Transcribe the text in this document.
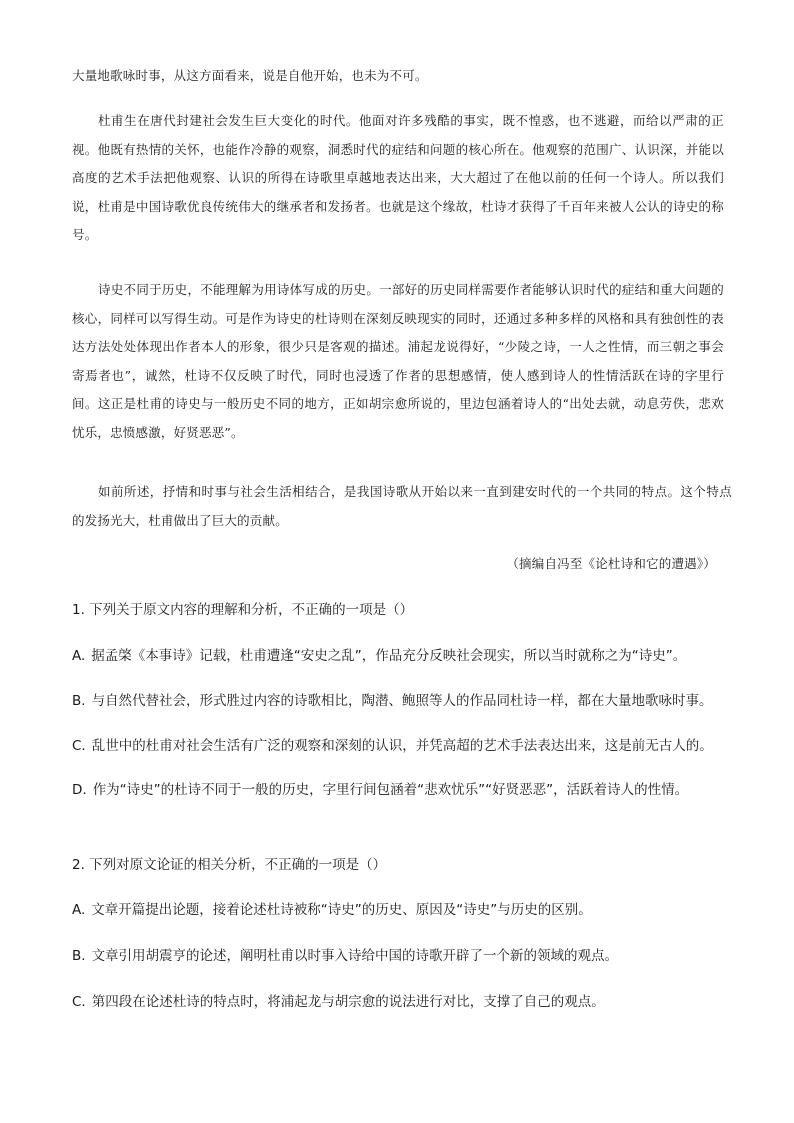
大量地歌咏时事，从这方面看来，说是自他开始，也未为不可。

杜甫生在唐代封建社会发生巨大变化的时代。他面对许多残酷的事实，既不惶惑，也不逃避，而给以严肃的正视。他既有热情的关怀，也能作冷静的观察，洞悉时代的症结和问题的核心所在。他观察的范围广、认识深，并能以高度的艺术手法把他观察、认识的所得在诗歌里卓越地表达出来，大大超过了在他以前的任何一个诗人。所以我们说，杜甫是中国诗歌优良传统伟大的继承者和发扬者。也就是这个缘故，杜诗才获得了千百年来被人公认的诗史的称号。

诗史不同于历史，不能理解为用诗体写成的历史。一部好的历史同样需要作者能够认识时代的症结和重大问题的核心，同样可以写得生动。可是作为诗史的杜诗则在深刻反映现实的同时，还通过多种多样的风格和具有独创性的表达方法处处体现出作者本人的形象，很少只是客观的描述。浦起龙说得好，“少陵之诗，一人之性情，而三朝之事会寄焉者也”，诚然，杜诗不仅反映了时代，同时也浸透了作者的思想感情，使人感到诗人的性情活跃在诗的字里行间。这正是杜甫的诗史与一般历史不同的地方，正如胡宗愈所说的，里边包涵着诗人的“出处去就，动息劳佚，悲欢忧乐，忠愤感激，好贤恶恶”。

如前所述，抒情和时事与社会生活相结合，是我国诗歌从开始以来一直到建安时代的一个共同的特点。这个特点的发扬光大，杜甫做出了巨大的贡献。

（摘编自冯至《论杜诗和它的遭遇》）

1. 下列关于原文内容的理解和分析，不正确的一项是（）

A. 据孟棨《本事诗》记载，杜甫遭逢“安史之乱”，作品充分反映社会现实，所以当时就称之为“诗史”。

B. 与自然代替社会，形式胜过内容的诗歌相比，陶潜、鲍照等人的作品同杜诗一样，都在大量地歌咏时事。

C. 乱世中的杜甫对社会生活有广泛的观察和深刻的认识，并凭高超的艺术手法表达出来，这是前无古人的。

D. 作为“诗史”的杜诗不同于一般的历史，字里行间包涵着“悲欢忧乐”“好贤恶恶”，活跃着诗人的性情。

2. 下列对原文论证的相关分析，不正确的一项是（）

A. 文章开篇提出论题，接着论述杜诗被称“诗史”的历史、原因及“诗史”与历史的区别。

B. 文章引用胡震亨的论述，阐明杜甫以时事入诗给中国的诗歌开辟了一个新的领域的观点。

C. 第四段在论述杜诗的特点时，将浦起龙与胡宗愈的说法进行对比，支撑了自己的观点。
